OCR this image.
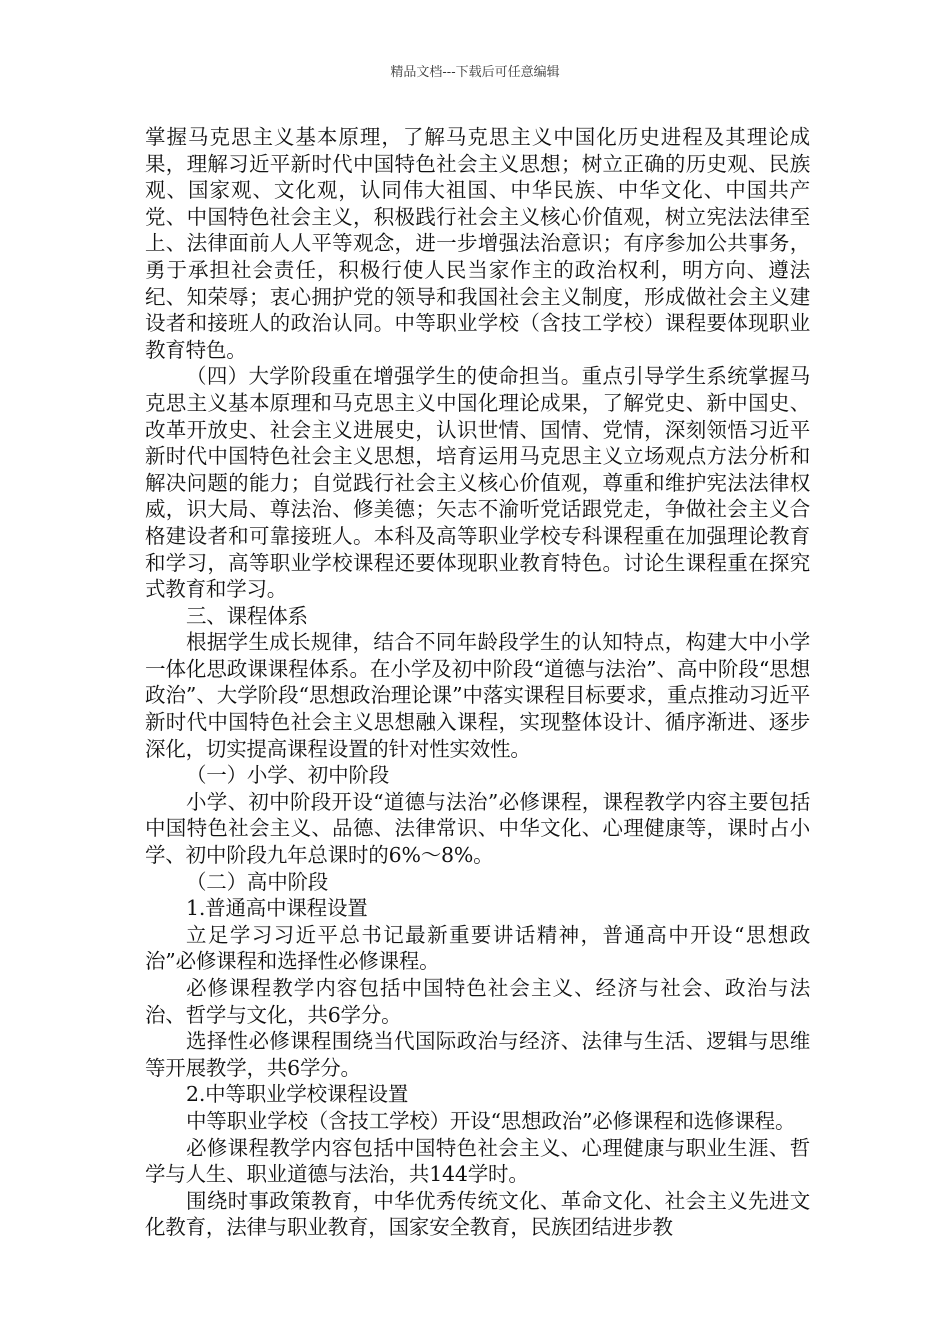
精品文档---下载后可任意编辑

掌握马克思主义基本原理，了解马克思主义中国化历史进程及其理论成果，理解习近平新时代中国特色社会主义思想；树立正确的历史观、民族观、国家观、文化观，认同伟大祖国、中华民族、中华文化、中国共产党、中国特色社会主义，积极践行社会主义核心价值观，树立宪法法律至上、法律面前人人平等观念，进一步增强法治意识；有序参加公共事务，勇于承担社会责任，积极行使人民当家作主的政治权利，明方向、遵法纪、知荣辱；衷心拥护党的领导和我国社会主义制度，形成做社会主义建设者和接班人的政治认同。中等职业学校（含技工学校）课程要体现职业教育特色。

（四）大学阶段重在增强学生的使命担当。重点引导学生系统掌握马克思主义基本原理和马克思主义中国化理论成果，了解党史、新中国史、改革开放史、社会主义进展史，认识世情、国情、党情，深刻领悟习近平新时代中国特色社会主义思想，培育运用马克思主义立场观点方法分析和解决问题的能力；自觉践行社会主义核心价值观，尊重和维护宪法法律权威，识大局、尊法治、修美德；矢志不渝听党话跟党走，争做社会主义合格建设者和可靠接班人。本科及高等职业学校专科课程重在加强理论教育和学习，高等职业学校课程还要体现职业教育特色。讨论生课程重在探究式教育和学习。

三、课程体系

根据学生成长规律，结合不同年龄段学生的认知特点，构建大中小学一体化思政课课程体系。在小学及初中阶段“道德与法治”、高中阶段“思想政治”、大学阶段“思想政治理论课”中落实课程目标要求，重点推动习近平新时代中国特色社会主义思想融入课程，实现整体设计、循序渐进、逐步深化，切实提高课程设置的针对性实效性。

（一）小学、初中阶段

小学、初中阶段开设“道德与法治”必修课程，课程教学内容主要包括中国特色社会主义、品德、法律常识、中华文化、心理健康等，课时占小学、初中阶段九年总课时的6%～8%。

（二）高中阶段

1.普通高中课程设置

立足学习习近平总书记最新重要讲话精神，普通高中开设“思想政治”必修课程和选择性必修课程。

必修课程教学内容包括中国特色社会主义、经济与社会、政治与法治、哲学与文化，共6学分。

选择性必修课程围绕当代国际政治与经济、法律与生活、逻辑与思维等开展教学，共6学分。

2.中等职业学校课程设置

中等职业学校（含技工学校）开设“思想政治”必修课程和选修课程。

必修课程教学内容包括中国特色社会主义、心理健康与职业生涯、哲学与人生、职业道德与法治，共144学时。

围绕时事政策教育，中华优秀传统文化、革命文化、社会主义先进文化教育，法律与职业教育，国家安全教育，民族团结进步教
